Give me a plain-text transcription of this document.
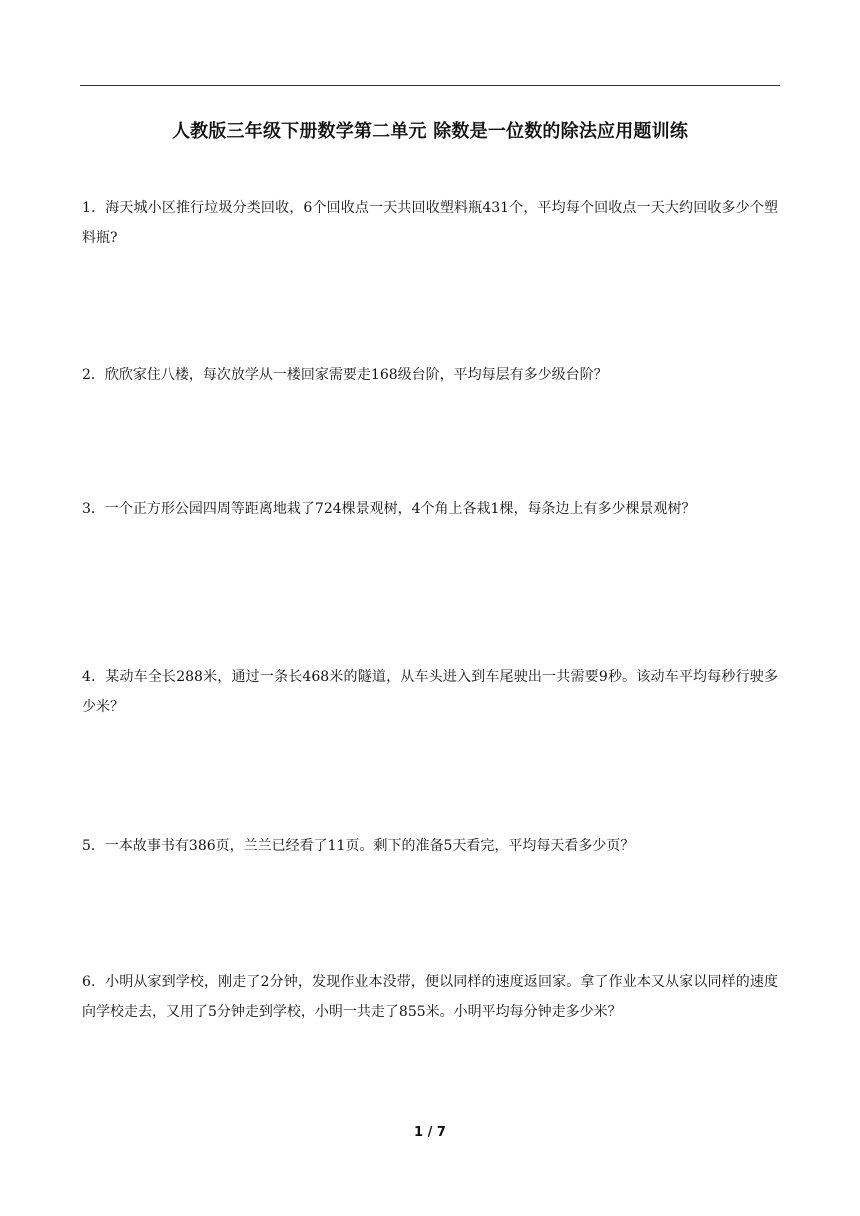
人教版三年级下册数学第二单元 除数是一位数的除法应用题训练
1．海天城小区推行垃圾分类回收，6个回收点一天共回收塑料瓶431个，平均每个回收点一天大约回收多少个塑料瓶?
2．欣欣家住八楼，每次放学从一楼回家需要走168级台阶，平均每层有多少级台阶？
3．一个正方形公园四周等距离地栽了724棵景观树，4个角上各栽1棵，每条边上有多少棵景观树？
4．某动车全长288米，通过一条长468米的隧道，从车头进入到车尾驶出一共需要9秒。该动车平均每秒行驶多少米？
5．一本故事书有386页，兰兰已经看了11页。剩下的准备5天看完，平均每天看多少页？
6．小明从家到学校，刚走了2分钟，发现作业本没带，便以同样的速度返回家。拿了作业本又从家以同样的速度向学校走去，又用了5分钟走到学校，小明一共走了855米。小明平均每分钟走多少米？
1 / 7
